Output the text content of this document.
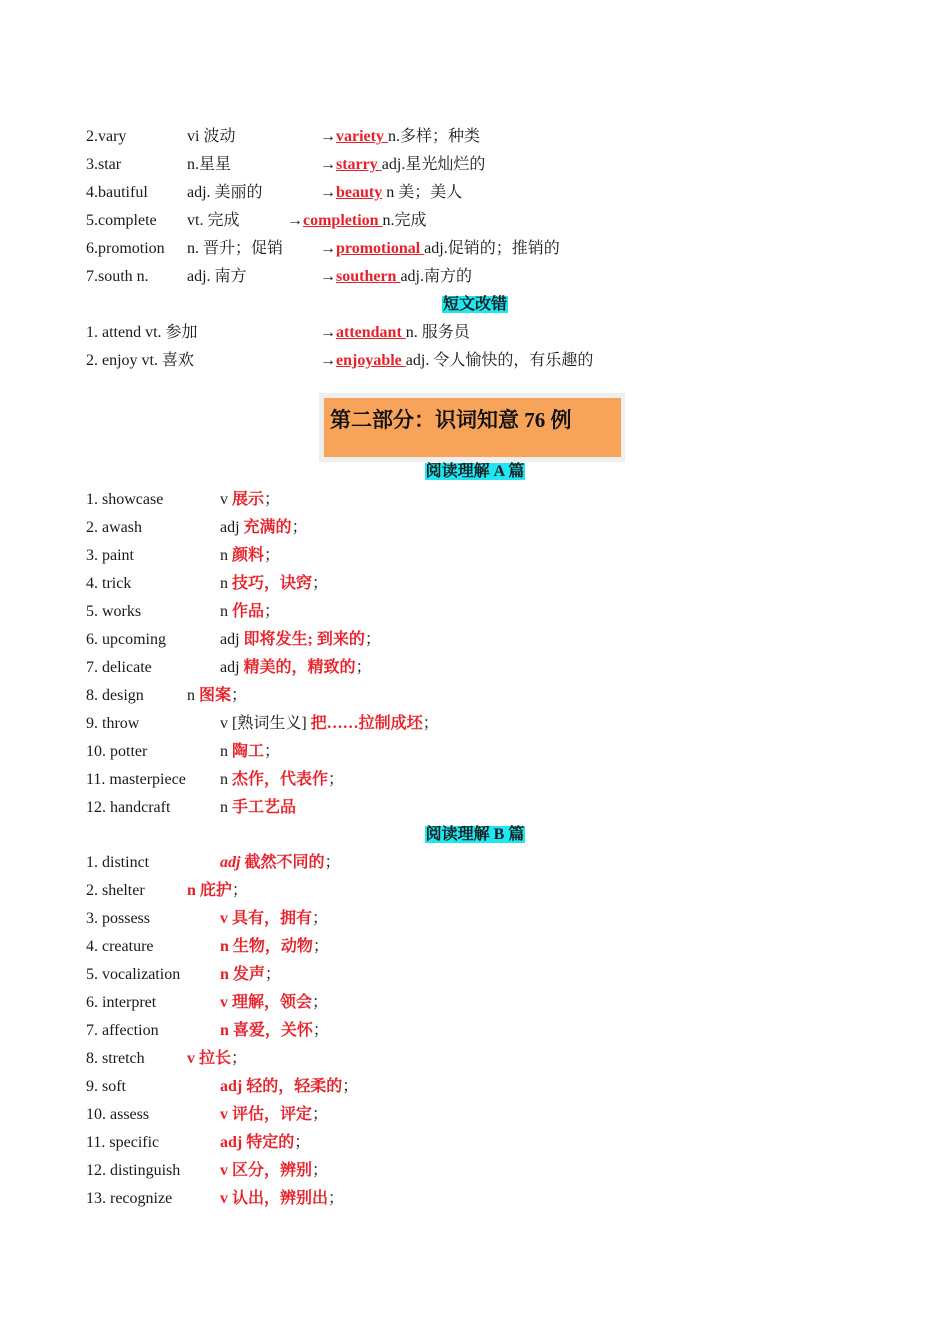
2.vary	vi 波动	→variety n.多样；种类
3.star	n.星星	→starry adj.星光灿烂的
4.bautiful adj. 美丽的	→beauty n 美；美人
5.complete vt. 完成	→completion n.完成
6.promotion n. 晋升；促销 →promotional adj.促销的；推销的
7.south n. adj. 南方	→southern adj.南方的
短文改错
1. attend vt. 参加	→attendant n. 服务员
2. enjoy vt. 喜欢	→enjoyable adj. 令人愉快的，有乐趣的
第二部分：识词知意 76 例
阅读理解 A 篇
1. showcase	v 展示；
2. awash	adj 充满的；
3. paint	n 颜料；
4. trick	n 技巧，诀窍；
5. works	n 作品；
6. upcoming	adj 即将发生; 到来的；
7. delicate	adj 精美的，精致的；
8. design	n 图案；
9. throw	v [熟词生义] 把……拉制成坯；
10. potter	n 陶工；
11. masterpiece n 杰作，代表作；
12. handcraft	n 手工艺品
阅读理解 B 篇
1. distinct	adj 截然不同的；
2. shelter	n 庇护；
3. possess	v 具有，拥有；
4. creature	n 生物，动物；
5. vocalization n 发声；
6. interpret	v 理解，领会；
7. affection	n 喜爱，关怀；
8. stretch	v 拉长；
9. soft	adj 轻的，轻柔的；
10. assess	v 评估，评定；
11. specific	adj 特定的；
12. distinguish v 区分，辨别；
13. recognize	v 认出，辨别出；
